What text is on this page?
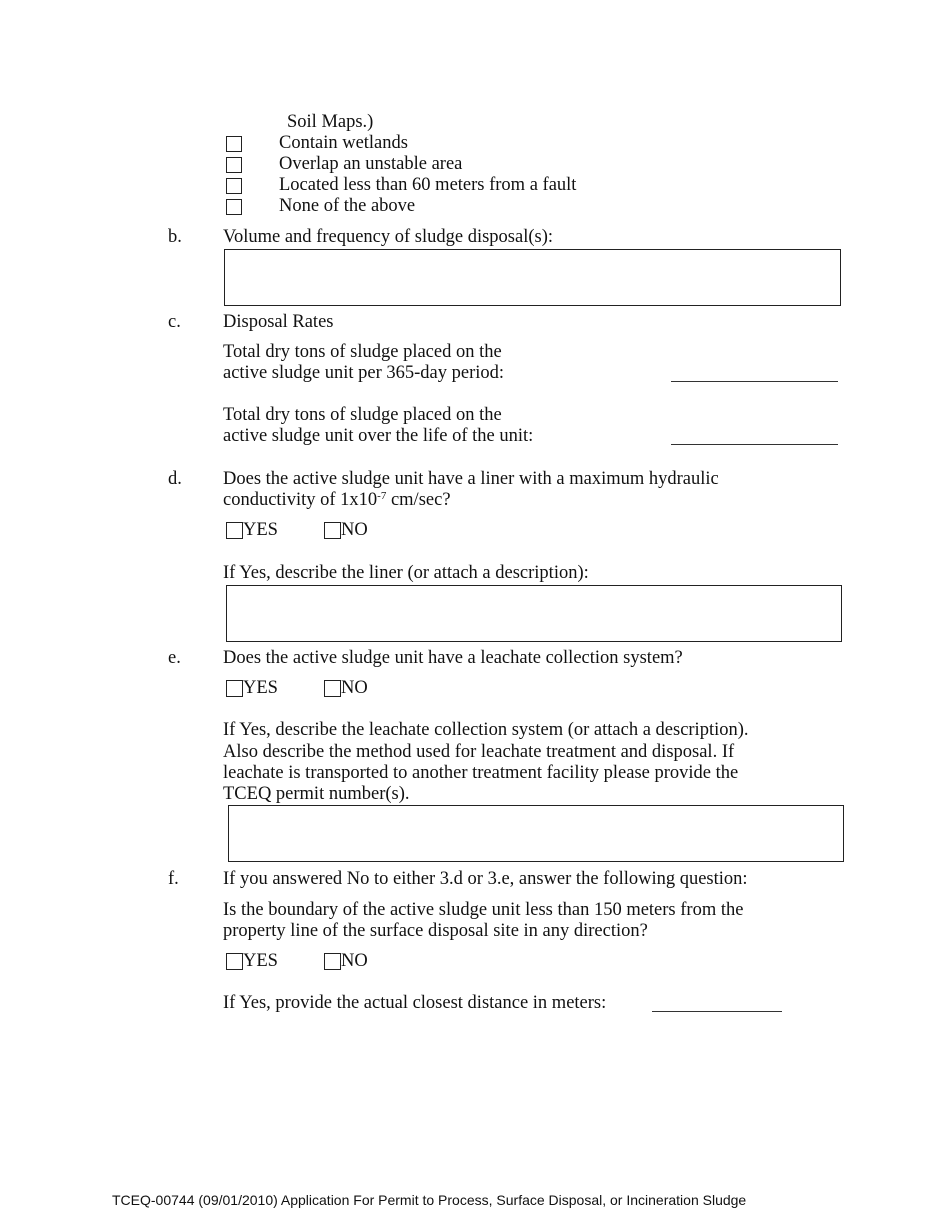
Soil Maps.)
Contain wetlands
Overlap an unstable area
Located less than 60 meters from a fault
None of the above
b. Volume and frequency of sludge disposal(s):
c. Disposal Rates
Total dry tons of sludge placed on the
active sludge unit per 365-day period:
Total dry tons of sludge placed on the
active sludge unit over the life of the unit:
d. Does the active sludge unit have a liner with a maximum hydraulic
conductivity of $1x10^{-7}$ cm/sec?
YES	NO
If Yes, describe the liner (or attach a description):
e. Does the active sludge unit have a leachate collection system?
YES	NO
If Yes, describe the leachate collection system (or attach a description).
Also describe the method used for leachate treatment and disposal. If
leachate is transported to another treatment facility please provide the
TCEQ permit number(s).
f. If you answered No to either 3.d or 3.e, answer the following question:
Is the boundary of the active sludge unit less than 150 meters from the
property line of the surface disposal site in any direction?
YES	NO
If Yes, provide the actual closest distance in meters:
TCEQ-00744 (09/01/2010) Application For Permit to Process, Surface Disposal, or Incineration Sludge
